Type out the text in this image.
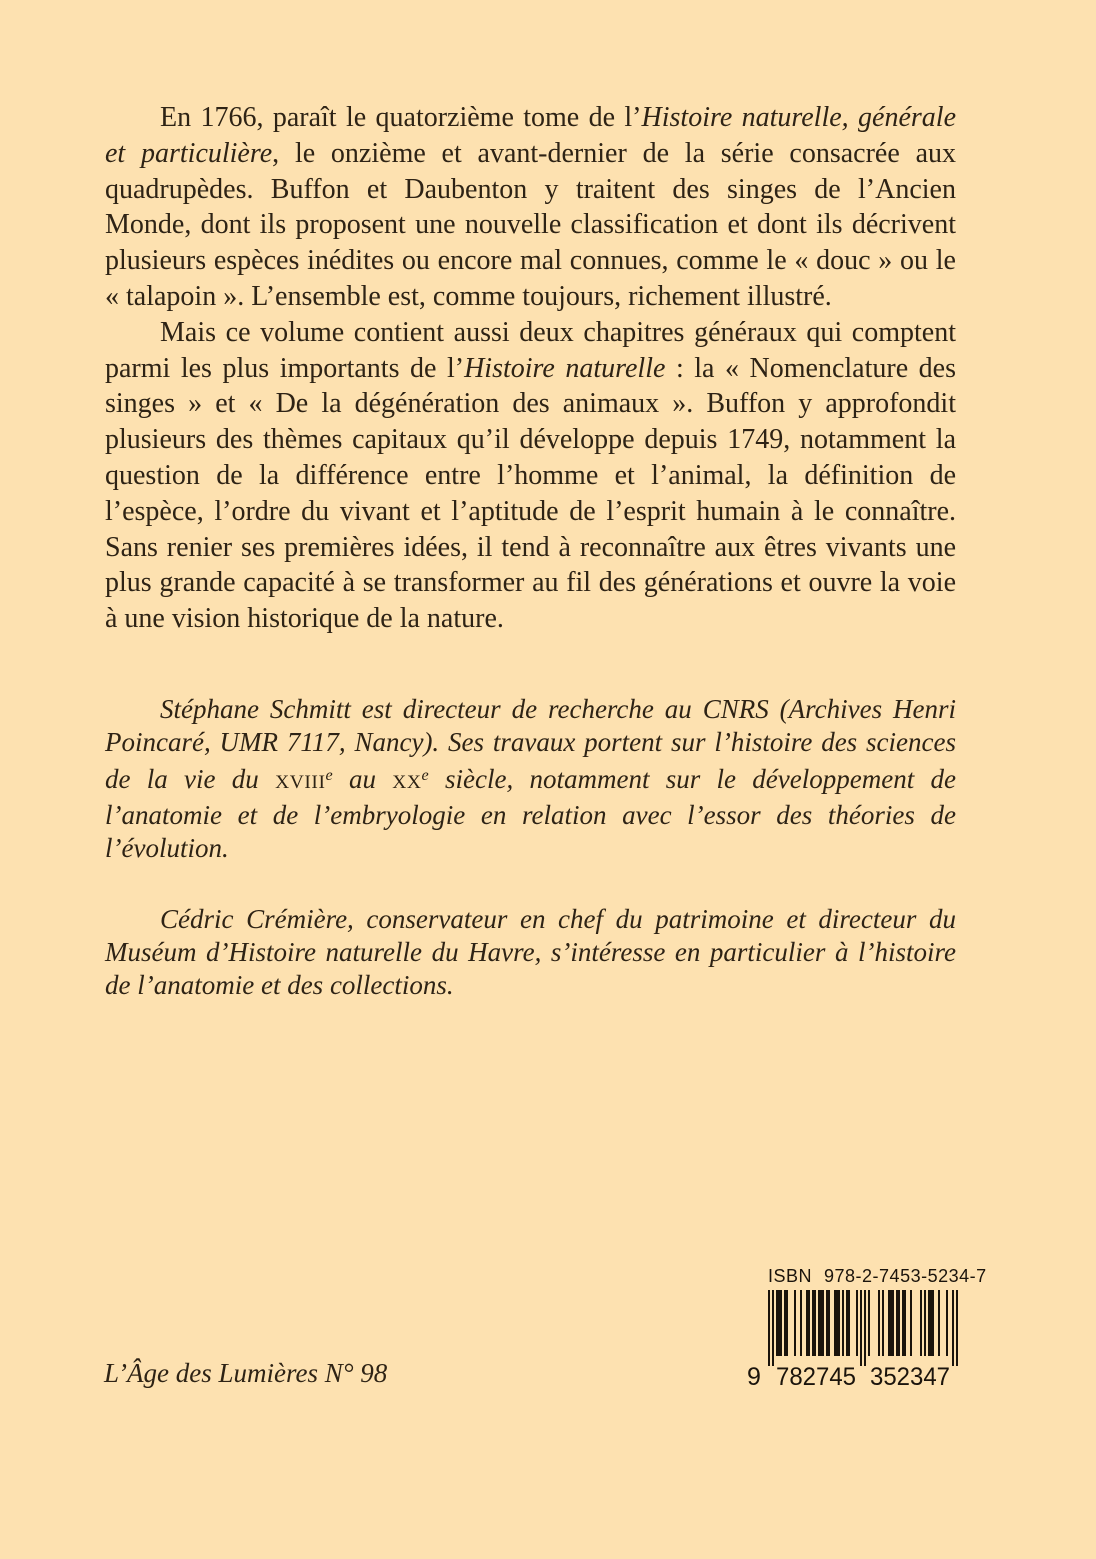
En 1766, paraît le quatorzième tome de l’Histoire naturelle, générale et particulière, le onzième et avant-dernier de la série consacrée aux quadrupèdes. Buffon et Daubenton y traitent des singes de l’Ancien Monde, dont ils proposent une nouvelle classification et dont ils décrivent plusieurs espèces inédites ou encore mal connues, comme le « douc » ou le « talapoin ». L’ensemble est, comme toujours, richement illustré.

Mais ce volume contient aussi deux chapitres généraux qui comptent parmi les plus importants de l’Histoire naturelle : la « Nomenclature des singes » et « De la dégénération des animaux ». Buffon y approfondit plusieurs des thèmes capitaux qu’il développe depuis 1749, notamment la question de la différence entre l’homme et l’animal, la définition de l’espèce, l’ordre du vivant et l’aptitude de l’esprit humain à le connaître. Sans renier ses premières idées, il tend à reconnaître aux êtres vivants une plus grande capacité à se transformer au fil des générations et ouvre la voie à une vision historique de la nature.

Stéphane Schmitt est directeur de recherche au CNRS (Archives Henri Poincaré, UMR 7117, Nancy). Ses travaux portent sur l’histoire des sciences de la vie du XVIIIe au XXe siècle, notamment sur le développement de l’anatomie et de l’embryologie en relation avec l’essor des théories de l’évolution.

Cédric Crémière, conservateur en chef du patrimoine et directeur du Muséum d’Histoire naturelle du Havre, s’intéresse en particulier à l’histoire de l’anatomie et des collections.

ISBN 978-2-7453-5234-7
9 782745 352347
L’Âge des Lumières N° 98
